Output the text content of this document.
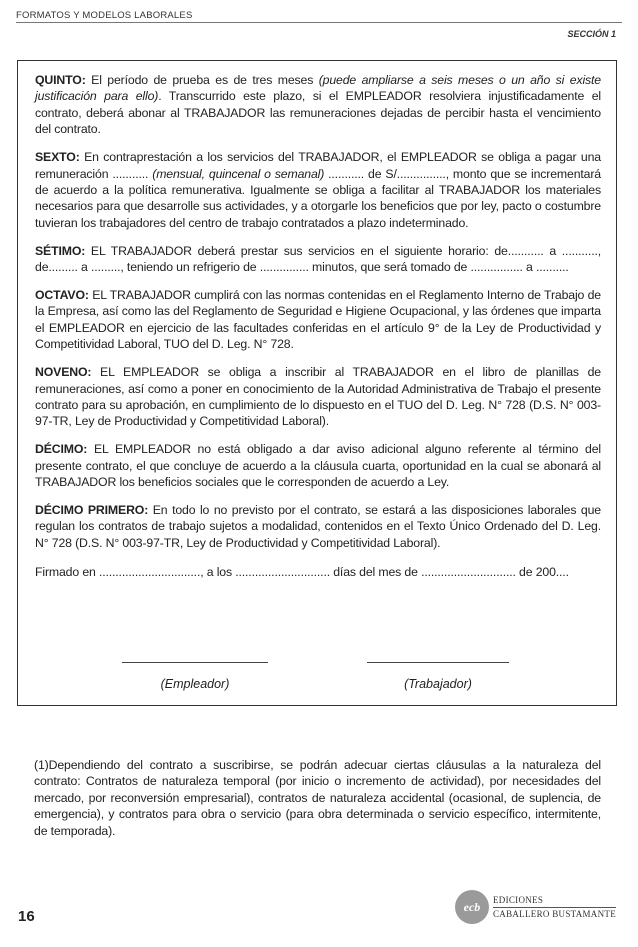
FORMATOS Y MODELOS LABORALES
SECCIÓN 1
QUINTO: El período de prueba es de tres meses (puede ampliarse a seis meses o un año si existe justificación para ello). Transcurrido este plazo, si el EMPLEADOR resolviera injustificadamente el contrato, deberá abonar al TRABAJADOR las remuneraciones dejadas de percibir hasta el vencimiento del contrato.
SEXTO: En contraprestación a los servicios del TRABAJADOR, el EMPLEADOR se obliga a pagar una remuneración ........... (mensual, quincenal o semanal) ........... de S/..............., monto que se incrementará de acuerdo a la política remunerativa. Igualmente se obliga a facilitar al TRABAJADOR los materiales necesarios para que desarrolle sus actividades, y a otorgarle los beneficios que por ley, pacto o costumbre tuvieran los trabajadores del centro de trabajo contratados a plazo indeterminado.
SÉTIMO: EL TRABAJADOR deberá prestar sus servicios en el siguiente horario: de........... a ..........., de......... a ........., teniendo un refrigerio de ............... minutos, que será tomado de ................ a ..........
OCTAVO: EL TRABAJADOR cumplirá con las normas contenidas en el Reglamento Interno de Trabajo de la Empresa, así como las del Reglamento de Seguridad e Higiene Ocupacional, y las órdenes que imparta el EMPLEADOR en ejercicio de las facultades conferidas en el artículo 9° de la Ley de Productividad y Competitividad Laboral, TUO del D. Leg. N° 728.
NOVENO: EL EMPLEADOR se obliga a inscribir al TRABAJADOR en el libro de planillas de remuneraciones, así como a poner en conocimiento de la Autoridad Administrativa de Trabajo el presente contrato para su aprobación, en cumplimiento de lo dispuesto en el TUO del D. Leg. N° 728 (D.S. N° 003-97-TR, Ley de Productividad y Competitividad Laboral).
DÉCIMO: EL EMPLEADOR no está obligado a dar aviso adicional alguno referente al término del presente contrato, el que concluye de acuerdo a la cláusula cuarta, oportunidad en la cual se abonará al TRABAJADOR los beneficios sociales que le corresponden de acuerdo a Ley.
DÉCIMO PRIMERO: En todo lo no previsto por el contrato, se estará a las disposiciones laborales que regulan los contratos de trabajo sujetos a modalidad, contenidos en el Texto Único Ordenado del D. Leg. N° 728 (D.S. N° 003-97-TR, Ley de Productividad y Competitividad Laboral).
Firmado en ..............................., a los ............................. días del mes de ............................. de 200....
(Empleador)	(Trabajador)
(1)Dependiendo del contrato a suscribirse, se podrán adecuar ciertas cláusulas a la naturaleza del contrato: Contratos de naturaleza temporal (por inicio o incremento de actividad), por necesidades del mercado, por reconversión empresarial), contratos de naturaleza accidental (ocasional, de suplencia, de emergencia), y contratos para obra o servicio (para obra determinada o servicio específico, intermitente, de temporada).
16
ecb	EDICIONES
CABALLERO BUSTAMANTE
